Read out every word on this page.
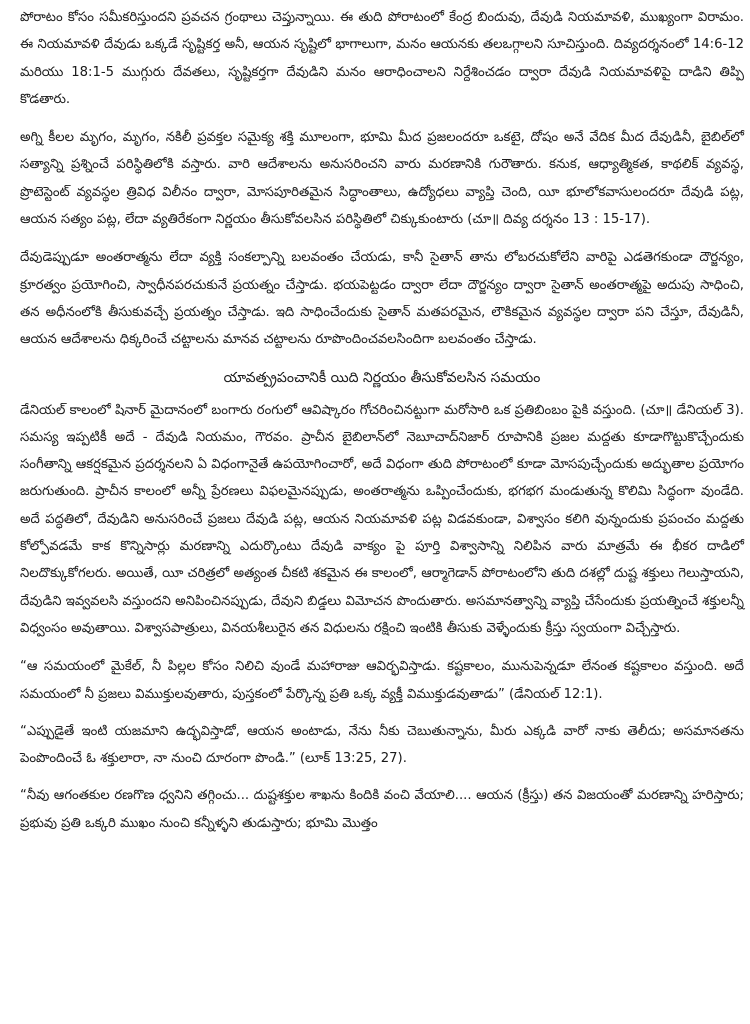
పోరాటం కోసం సమీకరిస్తుందని ప్రవచన గ్రంథాలు చెప్తున్నాయి. ఈ తుది పోరాటంలో కేంద్ర బిందువు, దేవుడి నియమావళి, ముఖ్యంగా విరామం. ఈ నియమావళి దేవుడు ఒక్కడే సృష్టికర్త అనీ, ఆయన సృష్టిలో భాగాలుగా, మనం ఆయనకు తలఒగ్గాలని సూచిస్తుంది. దివ్యదర్శనంలో 14:6-12 మరియు 18:1-5 ముగ్గురు దేవతలు, సృష్టికర్తగా దేవుడిని మనం ఆరాధించాలని నిర్దేశించడం ద్వారా దేవుడి నియమావళిపై దాడిని తిప్పి కొడతారు.

అగ్ని కీలల మృగం, మృగం, నకిలీ ప్రవక్తల సమైక్య శక్తి మూలంగా, భూమి మీద ప్రజలందరూ ఒకటై, దోషం అనే వేదిక మీద దేవుడినీ, బైబిల్‌లో సత్యాన్ని ప్రశ్నించే పరిస్థితిలోకి వస్తారు. వారి ఆదేశాలను అనుసరించని వారు మరణానికి గురౌతారు. కనుక, ఆధ్యాత్మికత, కాథలిక్ వ్యవస్థ, ప్రొటెస్టెంట్ వ్యవస్థల త్రివిధ విలీనం ద్వారా, మోసపూరితమైన సిద్ధాంతాలు, ఉద్యోధలు వ్యాప్తి చెంది, యీ భూలోకవాసులందరూ దేవుడి పట్ల, ఆయన సత్యం పట్ల, లేదా వ్యతిరేకంగా నిర్ణయం తీసుకోవలసిన పరిస్థితిలో చిక్కుకుంటారు (చూ॥ దివ్య దర్శనం 13 : 15-17).

దేవుడెప్పుడూ అంతరాత్మను లేదా వ్యక్తి సంకల్పాన్ని బలవంతం చేయడు, కానీ సైతాన్ తాను లోబరచుకోలేని వారిపై ఎడతెగకుండా దౌర్జన్యం, క్రూరత్వం ప్రయోగించి, స్వాధీనపరచుకునే ప్రయత్నం చేస్తాడు. భయపెట్టడం ద్వారా లేదా దౌర్జన్యం ద్వారా సైతాన్ అంతరాత్మపై అదుపు సాధించి, తన అధీనంలోకి తీసుకువచ్చే ప్రయత్నం చేస్తాడు. ఇది సాధించేందుకు సైతాన్ మతపరమైన, లౌకికమైన వ్యవస్థల ద్వారా పని చేస్తూ, దేవుడినీ, ఆయన ఆదేశాలను ధిక్కరించే చట్టాలను మానవ చట్టాలను రూపొందించవలసిందిగా బలవంతం చేస్తాడు.

యావత్ప్రపంచానికీ యిది నిర్ణయం తీసుకోవలసిన సమయం

డేనియల్ కాలంలో షినార్ మైదానంలో బంగారు రంగులో ఆవిష్కారం గోచరించినట్టుగా మరోసారి ఒక ప్రతిబింబం పైకి వస్తుంది. (చూ॥ డేనియల్ 3). సమస్య ఇప్పటికీ అదే - దేవుడి నియమం, గౌరవం. ప్రాచీన బైబిలాన్‌లో నెబూచాద్‌నిజార్ రూపానికి ప్రజల మద్దతు కూడాగొట్టుకొచ్చేందుకు సంగీతాన్ని ఆకర్షకమైన ప్రదర్శనలని ఏ విధంగానైతే ఉపయోగించారో, అదే విధంగా తుది పోరాటంలో కూడా మోసపుచ్చేందుకు అద్భుతాల ప్రయోగం జరుగుతుంది. ప్రాచీన కాలంలో అన్నీ ప్రేరణలు విఫలమైనప్పుడు, అంతరాత్మను ఒప్పించేందుకు, భగభగ మండుతున్న కొలిమి సిద్ధంగా వుండేది. అదే పద్ధతిలో, దేవుడిని అనుసరించే ప్రజలు దేవుడి పట్ల, ఆయన నియమావళి పట్ల విడవకుండా, విశ్వాసం కలిగి వున్నందుకు ప్రపంచం మద్దతు కోల్పోవడమే కాక కొన్నిసార్లు మరణాన్ని ఎదుర్కొంటు దేవుడి వాక్యం పై పూర్తి విశ్వాసాన్ని నిలిపిన వారు మాత్రమే ఈ భీకర దాడిలో నిలదొక్కుకోగలరు. అయితే, యీ చరిత్రలో అత్యంత చీకటి శకమైన ఈ కాలంలో, ఆర్మాగెడాన్ పోరాటంలోని తుది దశల్లో దుష్ట శక్తులు గెలుస్తాయని, దేవుడిని ఇవ్వవలసి వస్తుందని అనిపించినప్పుడు, దేవుని బిడ్డలు విమోచన పొందుతారు. అసమానత్వాన్ని వ్యాప్తి చేసేందుకు ప్రయత్నించే శక్తులన్నీ విధ్వంసం అవుతాయి. విశ్వాసపాత్రులు, వినయశీలురైన తన విధులను రక్షించి ఇంటికి తీసుకు వెళ్ళేందుకు క్రీస్తు స్వయంగా విచ్చేస్తారు.

“ఆ సమయంలో మైకేల్, నీ పిల్లల కోసం నిలిచి వుండే మహారాజు ఆవిర్భవిస్తాడు. కష్టకాలం, మునుపెన్నడూ లేనంత కష్టకాలం వస్తుంది. అదే సమయంలో నీ ప్రజలు విముక్తులవుతారు, పుస్తకంలో పేర్కొన్న ప్రతి ఒక్క వ్యక్తీ విముక్తుడవుతాడు” (డేనియల్ 12:1).

“ఎప్పుడైతే ఇంటి యజమాని ఉద్భవిస్తాడో, ఆయన అంటాడు, నేను నీకు చెబుతున్నాను, మీరు ఎక్కడి వారో నాకు తెలీదు; అసమానతను పెంపొందించే ఓ శక్తులారా, నా నుంచి దూరంగా పొండి.” (లూక్ 13:25, 27).

“నీవు ఆగంతకుల రణగొణ ధ్వనిని తగ్గించు... దుష్టశక్తుల శాఖను కిందికి వంచి వేయాలి.... ఆయన (క్రీస్తు) తన విజయంతో మరణాన్ని హరిస్తారు; ప్రభువు ప్రతి ఒక్కరి ముఖం నుంచి కన్నీళ్ళని తుడుస్తారు; భూమి మొత్తం
